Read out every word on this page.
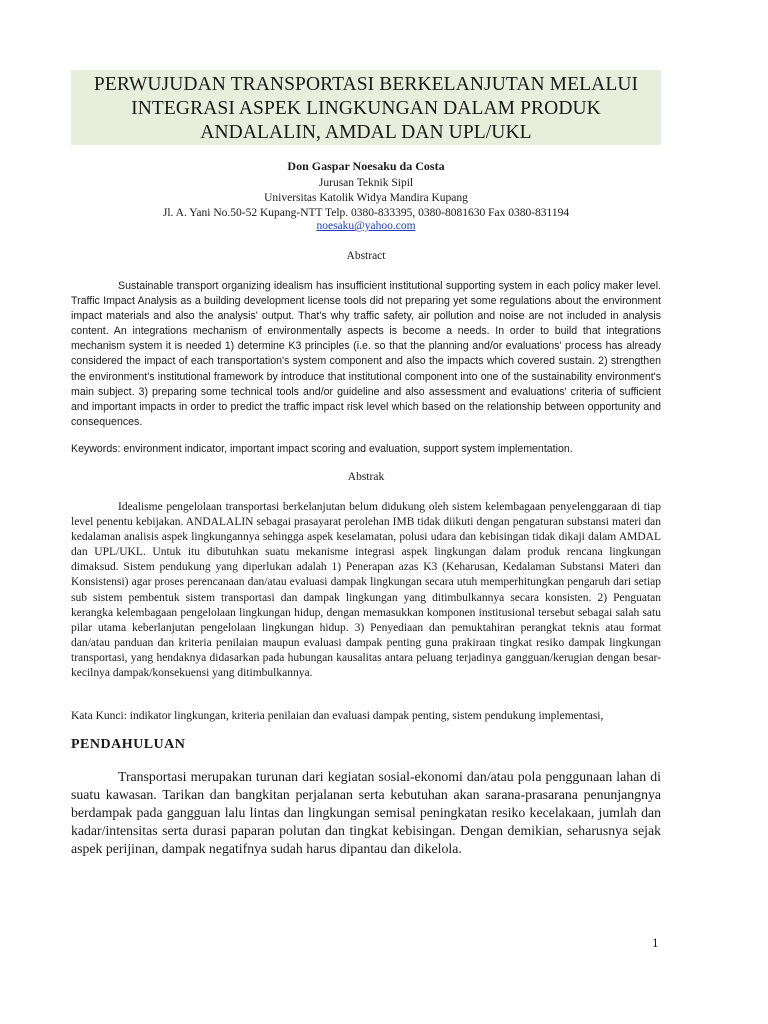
PERWUJUDAN TRANSPORTASI BERKELANJUTAN MELALUI
INTEGRASI ASPEK LINGKUNGAN DALAM PRODUK
ANDALALIN, AMDAL DAN UPL/UKL
Don Gaspar Noesaku da Costa
Jurusan Teknik Sipil
Universitas Katolik Widya Mandira Kupang
Jl. A. Yani No.50-52 Kupang-NTT Telp. 0380-833395, 0380-8081630 Fax 0380-831194
noesaku@yahoo.com
Abstract

Sustainable transport organizing idealism has insufficient institutional supporting system in each policy maker level. Traffic Impact Analysis as a building development license tools did not preparing yet some regulations about the environment impact materials and also the analysis' output. That's why traffic safety, air pollution and noise are not included in analysis content. An integrations mechanism of environmentally aspects is become a needs. In order to build that integrations mechanism system it is needed 1) determine K3 principles (i.e. so that the planning and/or evaluations' process has already considered the impact of each transportation's system component and also the impacts which covered sustain. 2) strengthen the environment's institutional framework by introduce that institutional component into one of the sustainability environment's main subject. 3) preparing some technical tools and/or guideline and also assessment and evaluations' criteria of sufficient and important impacts in order to predict the traffic impact risk level which based on the relationship between opportunity and consequences.

Keywords: environment indicator, important impact scoring and evaluation, support system implementation.

Abstrak

Idealisme pengelolaan transportasi berkelanjutan belum didukung oleh sistem kelembagaan penyelenggaraan di tiap level penentu kebijakan. ANDALALIN sebagai prasayarat perolehan IMB tidak diikuti dengan pengaturan substansi materi dan kedalaman analisis aspek lingkungannya sehingga aspek keselamatan, polusi udara dan kebisingan tidak dikaji dalam AMDAL dan UPL/UKL. Untuk itu dibutuhkan suatu mekanisme integrasi aspek lingkungan dalam produk rencana lingkungan dimaksud. Sistem pendukung yang diperlukan adalah 1) Penerapan azas K3 (Keharusan, Kedalaman Substansi Materi dan Konsistensi) agar proses perencanaan dan/atau evaluasi dampak lingkungan secara utuh memperhitungkan pengaruh dari setiap sub sistem pembentuk sistem transportasi dan dampak lingkungan yang ditimbulkannya secara konsisten. 2) Penguatan kerangka kelembagaan pengelolaan lingkungan hidup, dengan memasukkan komponen institusional tersebut sebagai salah satu pilar utama keberlanjutan pengelolaan lingkungan hidup. 3) Penyediaan dan pemuktahiran perangkat teknis atau format dan/atau panduan dan kriteria penilaian maupun evaluasi dampak penting guna prakiraan tingkat resiko dampak lingkungan transportasi, yang hendaknya didasarkan pada hubungan kausalitas antara peluang terjadinya gangguan/kerugian dengan besar-kecilnya dampak/konsekuensi yang ditimbulkannya.

Kata Kunci: indikator lingkungan, kriteria penilaian dan evaluasi dampak penting, sistem pendukung implementasi,

PENDAHULUAN

Transportasi merupakan turunan dari kegiatan sosial-ekonomi dan/atau pola penggunaan lahan di suatu kawasan. Tarikan dan bangkitan perjalanan serta kebutuhan akan sarana-prasarana penunjangnya berdampak pada gangguan lalu lintas dan lingkungan semisal peningkatan resiko kecelakaan, jumlah dan kadar/intensitas serta durasi paparan polutan dan tingkat kebisingan. Dengan demikian, seharusnya sejak aspek perijinan, dampak negatifnya sudah harus dipantau dan dikelola.

1
